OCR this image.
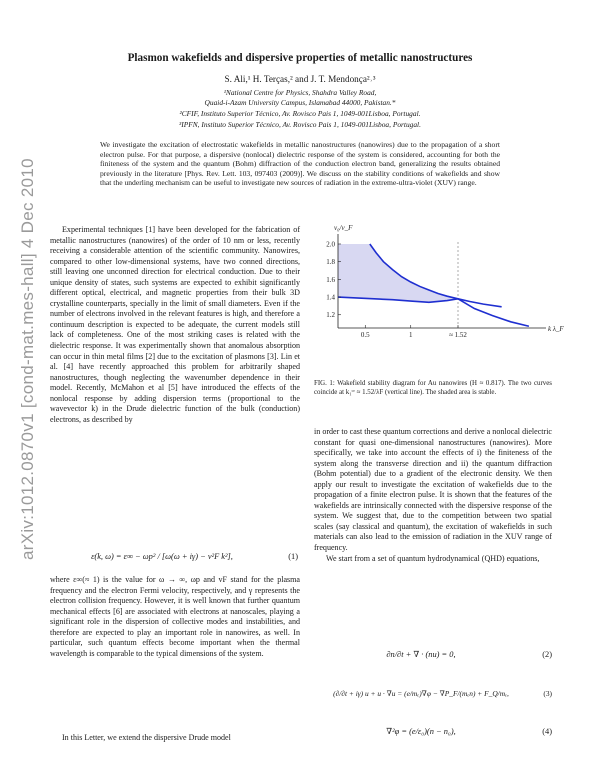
Plasmon wakefields and dispersive properties of metallic nanostructures
S. Ali,¹ H. Terças,² and J. T. Mendonça²˒³
¹National Centre for Physics, Shahdra Valley Road,
Quaid-i-Azam University Campus, Islamabad 44000, Pakistan.*
²CFIF, Instituto Superior Técnico, Av. Rovisco Pais 1, 1049-001Lisboa, Portugal.
³IPFN, Instituto Superior Técnico, Av. Rovisco Pais 1, 1049-001Lisboa, Portugal.
We investigate the excitation of electrostatic wakefields in metallic nanostructures (nanowires) due to the propagation of a short electron pulse. For that purpose, a dispersive (nonlocal) dielectric response of the system is considered, accounting for both the finiteness of the system and the quantum (Bohm) diffraction of the conduction electron band, generalizing the results obtained previously in the literature [Phys. Rev. Lett. 103, 097403 (2009)]. We discuss on the stability conditions of wakefields and show that the underling mechanism can be useful to investigate new sources of radiation in the extreme-ultra-violet (XUV) range.
arXiv:1012.0870v1 [cond-mat.mes-hall] 4 Dec 2010	Experimental techniques [1] have been developed for the fabrication of metallic nanostructures (nanowires) of the order of 10 nm or less, recently receiving a considerable attention of the scientific community. Nanowires, compared to other low-dimensional systems, have two conned directions, still leaving one unconned direction for electrical conduction. Due to their unique density of states, such systems are expected to exhibit significantly different optical, electrical, and magnetic properties from their bulk 3D crystalline counterparts, specially in the limit of small diameters. Even if the number of electrons involved in the relevant features is high, and therefore a continuum description is expected to be adequate, the current models still lack of completeness. One of the most striking cases is related with the dielectric response. It was experimentally shown that anomalous absorption can occur in thin metal films [2] due to the excitation of plasmons [3]. Lin et al. [4] have recently approached this problem for arbitrarily shaped nanostructures, though neglecting the wavenumber dependence in their model. Recently, McMahon et al [5] have introduced the effects of the nonlocal response by adding dispersion terms (proportional to the wavevector k) in the Drude dielectric function of the bulk (conduction) electrons, as described by

ε(k, ω) = ε∞ − ωp² / [ω(ω + iγ) − v²F k²],	(1)

where ε∞(≈ 1) is the value for ω → ∞, ωp and vF stand for the plasma frequency and the electron Fermi velocity, respectively, and γ represents the electron collision frequency. However, it is well known that further quantum mechanical effects [6] are associated with electrons at nanoscales, playing a significant role in the dispersion of collective modes and instabilities, and therefore are expected to play an important role in nanowires, as well. In particular, such quantum effects become important when the thermal wavelength is comparable to the typical dimensions of the system.

In this Letter, we extend the dispersive Drude model

1.2
1.4
1.6
1.8
2.0
0.5	1	≈ 1.52
v₀/v_F
k λ_F
FIG. 1: Wakefield stability diagram for Au nanowires (H ≈ 0.817). The two curves coincide at k₁ᶜʳ ≈ 1.52/λF (vertical line). The shaded area is stable.

in order to cast these quantum corrections and derive a nonlocal dielectric constant for quasi one-dimensional nanostructures (nanowires). More specifically, we take into account the effects of i) the finiteness of the system along the transverse direction and ii) the quantum diffraction (Bohm potential) due to a gradient of the electronic density. We then apply our result to investigate the excitation of wakefields due to the propagation of a finite electron pulse. It is shown that the features of the wakefields are intrinsically connected with the dispersive response of the system. We suggest that, due to the competition between two spatial scales (say classical and quantum), the excitation of wakefields in such materials can also lead to the emission of radiation in the XUV range of frequency.

We start from a set of quantum hydrodynamical (QHD) equations,

∂n/∂t + ∇ · (nu) = 0,	(2)
(∂/∂t + iγ) u + u · ∇u = (e/mₑ)∇φ − ∇P_F/(mₑn) + F_Q/mₑ,	(3)
∇²φ = (e/ε₀)(n − n₀),	(4)
